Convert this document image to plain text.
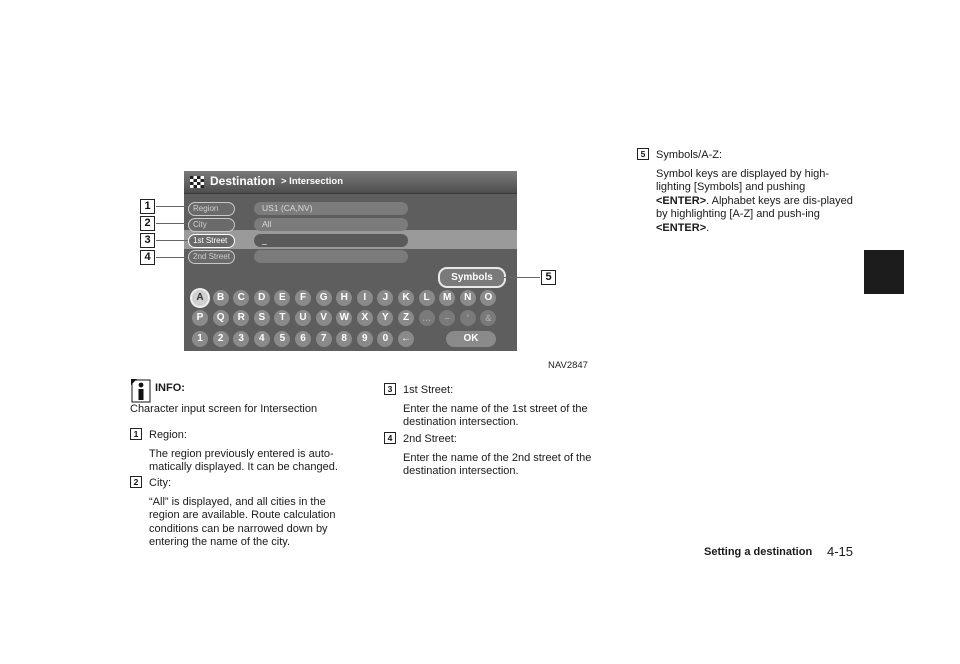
Destination > Intersection
Region	US1 (CA,NV)
City	All
1st Street	_
2nd Street
Symbols
A	B	C	D	E	F	G	H	I	J	K	L	M	N	O
P	Q	R	S	T	U	V	W	X	Y	Z	…	–	'	&
1	2	3	4	5	6	7	8	9	0	←	OK
1
2
3
4
5
NAV2847
INFO:
Character input screen for Intersection
1 Region:
The region previously entered is auto-matically displayed. It can be changed.
2 City:
“All” is displayed, and all cities in the region are available. Route calculation conditions can be narrowed down by entering the name of the city.
3 1st Street:
Enter the name of the 1st street of the destination intersection.
4 2nd Street:
Enter the name of the 2nd street of the destination intersection.
5 Symbols/A-Z:
Symbol keys are displayed by high-lighting [Symbols] and pushing <ENTER>. Alphabet keys are dis-played by highlighting [A-Z] and push-ing <ENTER>.
Setting a destination 4-15
